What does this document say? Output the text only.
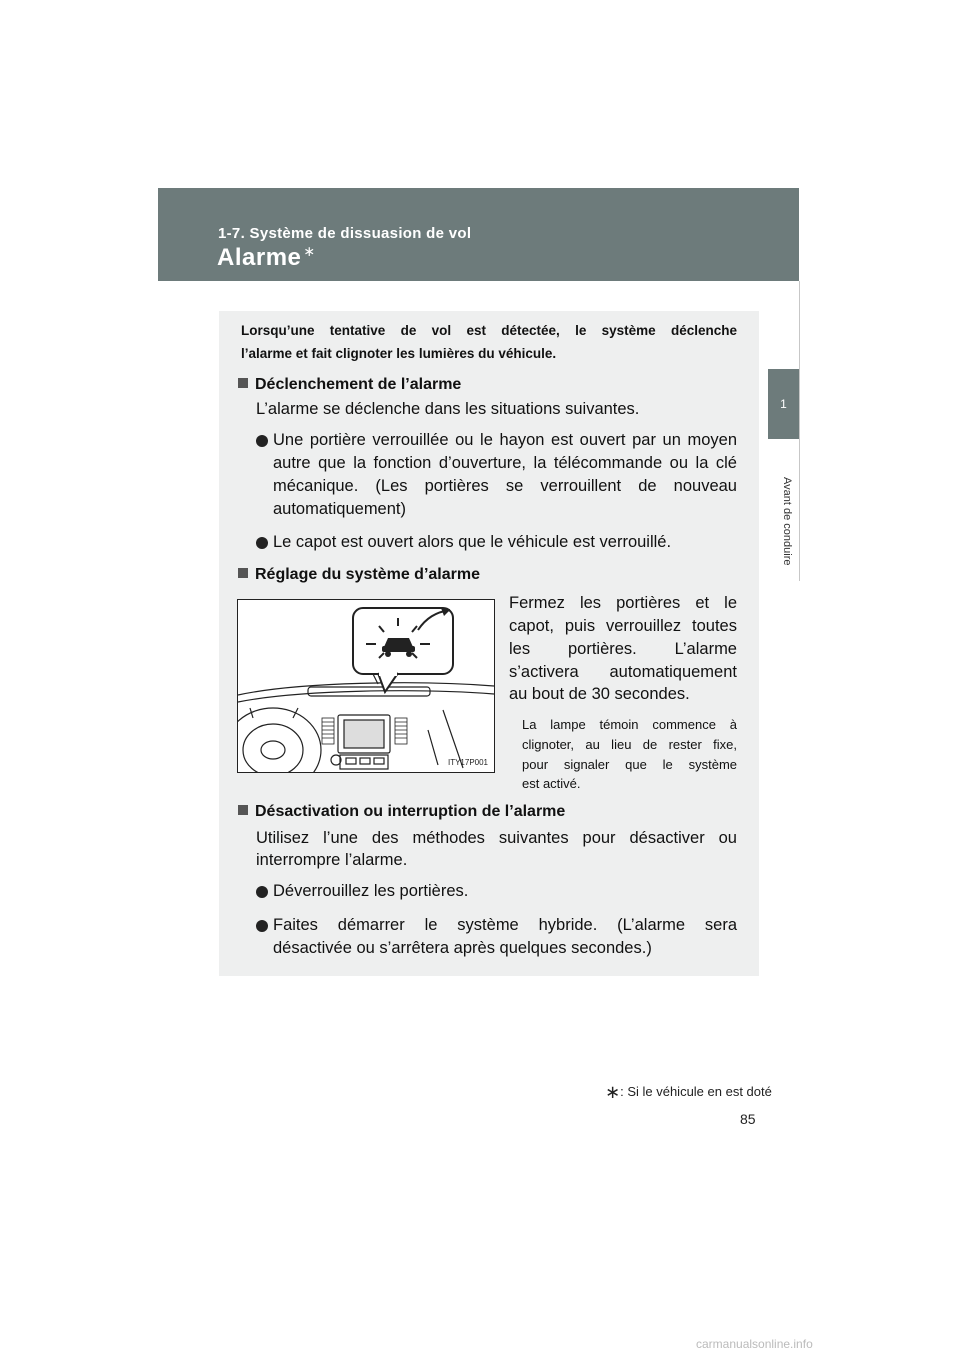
1-7. Système de dissuasion de vol
Alarme ∗
1
Avant de conduire

Lorsqu’une tentative de vol est détectée, le système déclenche

l’alarme et fait clignoter les lumières du véhicule.

Déclenchement de l’alarme

L’alarme se déclenche dans les situations suivantes.

Une portière verrouillée ou le hayon est ouvert par un moyen

autre que la fonction d’ouverture, la télécommande ou la clé

mécanique. (Les portières se verrouillent de nouveau

automatiquement)

Le capot est ouvert alors que le véhicule est verrouillé.

Réglage du système d’alarme

ITY17P001

Fermez les portières et le

capot, puis verrouillez toutes

les portières. L’alarme

s’activera automatiquement

au bout de 30 secondes.

La lampe témoin commence à

clignoter, au lieu de rester fixe,

pour signaler que le système

est activé.

Désactivation ou interruption de l’alarme

Utilisez l’une des méthodes suivantes pour désactiver ou

interrompre l’alarme.

Déverrouillez les portières.

Faites démarrer le système hybride. (L’alarme sera

désactivée ou s’arrêtera après quelques secondes.)

∗: Si le véhicule en est doté
85
carmanualsonline.info
